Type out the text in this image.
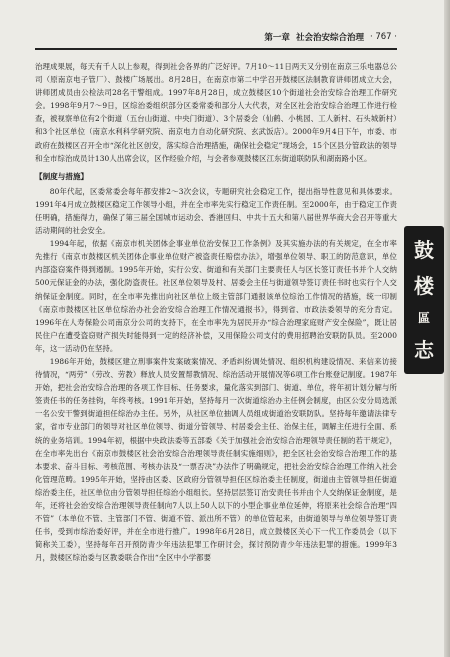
第一章 社会治安综合治理 · 767 ·

治理成果展，每天有千人以上参观，得到社会各界的广泛好评。7月10～11日两天又分别在南京三乐电器总公司（原南京电子管厂）、鼓楼广场展出。8月28日，在南京市第二中学召开鼓楼区法制教育讲师团成立大会，讲师团成员由公检法司28名干警组成。1997年8月28日，成立鼓楼区10个街道社会治安综合治理工作研究会。1998年9月7～9日，区综治委组织部分区委常委和部分人大代表，对全区社会治安综合治理工作进行检查，被视察单位有2个街道（五台山街道、中央门街道）、3个居委会（仙鹤、小桃园、工人新村、石头城新村）和3个社区单位（南京水利科学研究院、南京电力自动化研究院、玄武饭店）。2000年9月4日下午，市委、市政府在鼓楼区召开全市“深化社区创安，落实综合治理措施，确保社会稳定”现场会，15个区县分管政法的领导和全市综治成员计130人出席会议，区作经验介绍，与会者参观鼓楼区江东街道联防队和湖南路小区。

【制度与措施】

80年代起，区委常委会每年都安排2～3次会议，专题研究社会稳定工作，提出指导性意见和具体要求。1991年4月成立鼓楼区稳定工作领导小组，并在全市率先实行稳定工作责任制。至2000年，由于稳定工作责任明确，措施得力，确保了第三届全国城市运动会、香港回归、中共十五大和第八届世界华商大会召开等重大活动期间的社会安全。

1994年起，依据《南京市机关团体企事业单位治安保卫工作条例》及其实施办法的有关规定，在全市率先推行《南京市鼓楼区机关团体企事业单位财产被盗责任赔偿办法》，增强单位领导、职工的防范意识，单位内部盗窃案件得到遏制。1995年开始，实行公安、街道和有关部门主要责任人与区长签订责任书并个人交纳500元保证金的办法，强化防盗责任。社区单位领导及村、居委会主任与街道领导签订责任书时也实行个人交纳保证金制度。同时，在全市率先推出向社区单位上级主管部门通报该单位综治工作情况的措施，统一印制《南京市鼓楼区社区单位综治办社会治安综合治理工作情况通报书》，得到省、市政法委领导的充分肯定。1996年在人寿保险公司南京分公司的支持下，在全市率先为居民开办“综合治理家庭财产安全保险”，既让居民住户在遭受盗窃财产损失时能得到一定的经济补偿，又用保险公司支付的费用招聘治安联防队员。至2000年，这一活动仍在坚持。

1986年开始，鼓楼区建立刑事案件发案破案情况、矛盾纠纷调处情况、组织机构建设情况、来信来访接待情况，“两劳”（劳改、劳教）释放人员安置帮教情况、综治活动开展情况等6项工作台账登记制度。1987年开始，把社会治安综合治理的各项工作目标、任务要求，量化落实到部门、街道、单位，将年初计划分解与所签责任书的任务挂钩，年终考核。1991年开始，坚持每月一次街道综治办主任例会制度，由区公安分局选派一名公安干警到街道担任综治办主任。另外，从社区单位抽调人员组成街道治安联防队。坚持每年邀请法律专家，省市专业部门的领导对社区单位领导、街道分管领导、村居委会主任、治保主任，调解主任进行全面、系统的业务培训。1994年初，根据中央政法委等五部委《关于加强社会治安综合治理领导责任制的若干规定》，在全市率先出台《南京市鼓楼区社会治安综合治理领导责任制实施细则》，把全区社会治安综合治理工作的基本要求、奋斗目标、考核范围、考核办法及“一票否决”办法作了明确规定，把社会治安综合治理工作纳入社会化管理范畴。1995年开始，坚持由区委、区政府分管领导担任区综治委主任制度，街道由主管领导担任街道综治委主任，社区单位由分管领导担任综治小组组长。坚持层层签订治安责任书并由个人交纳保证金制度，是年，还将社会治安综合治理领导责任制向7人以上50人以下的小型企事业单位延伸，将原来社会综合治理“四不管”（本单位不管、主管部门不管、街道不管、派出所不管）的单位管起来，由街道领导与单位领导签订责任书，受到市综治委好评，并在全市进行推广。1998年6月28日，成立鼓楼区关心下一代工作委员会（以下简称关工委），坚持每年召开预防青少年违法犯罪工作研讨会，探讨预防青少年违法犯罪的措施。1999年3月，鼓楼区综治委与区教委联合作出“全区中小学都要

鼓
楼
區
志
